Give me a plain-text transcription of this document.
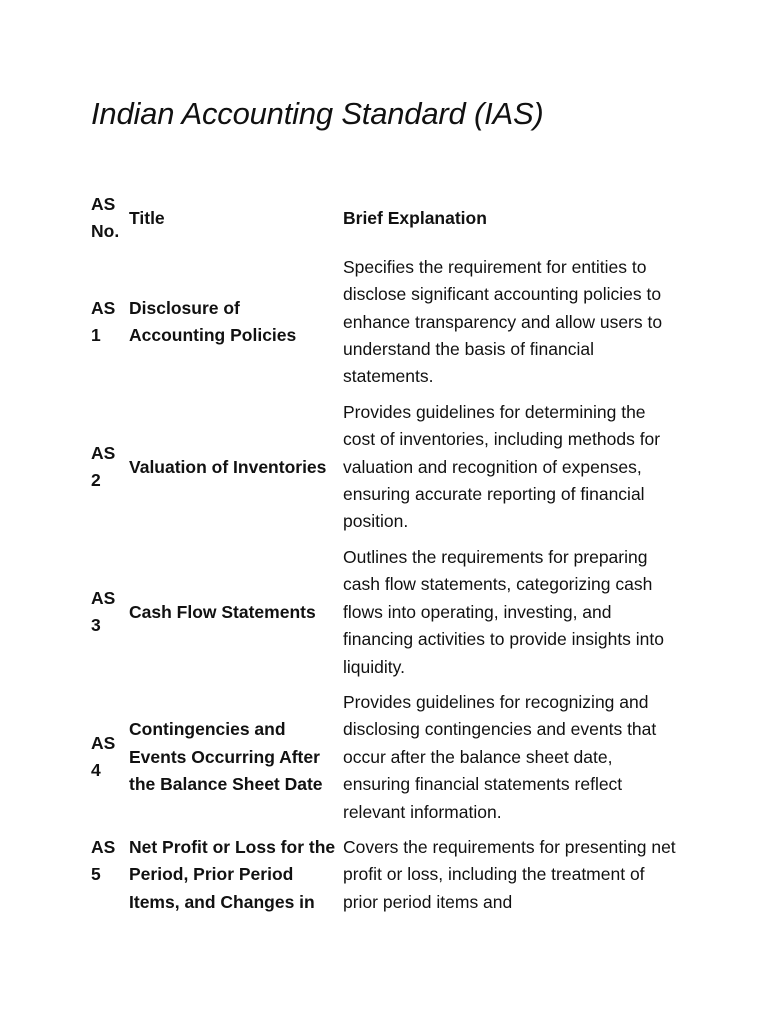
Indian Accounting Standard (IAS)
AS No.	Title	Brief Explanation
AS 1	Disclosure of Accounting Policies	Specifies the requirement for entities to disclose significant accounting policies to enhance transparency and allow users to understand the basis of financial statements.
AS 2	Valuation of Inventories	Provides guidelines for determining the cost of inventories, including methods for valuation and recognition of expenses, ensuring accurate reporting of financial position.
AS 3	Cash Flow Statements	Outlines the requirements for preparing cash flow statements, categorizing cash flows into operating, investing, and financing activities to provide insights into liquidity.
AS 4	Contingencies and Events Occurring After the Balance Sheet Date	Provides guidelines for recognizing and disclosing contingencies and events that occur after the balance sheet date, ensuring financial statements reflect relevant information.
AS 5	Net Profit or Loss for the Period, Prior Period Items, and Changes in	Covers the requirements for presenting net profit or loss, including the treatment of prior period items and
